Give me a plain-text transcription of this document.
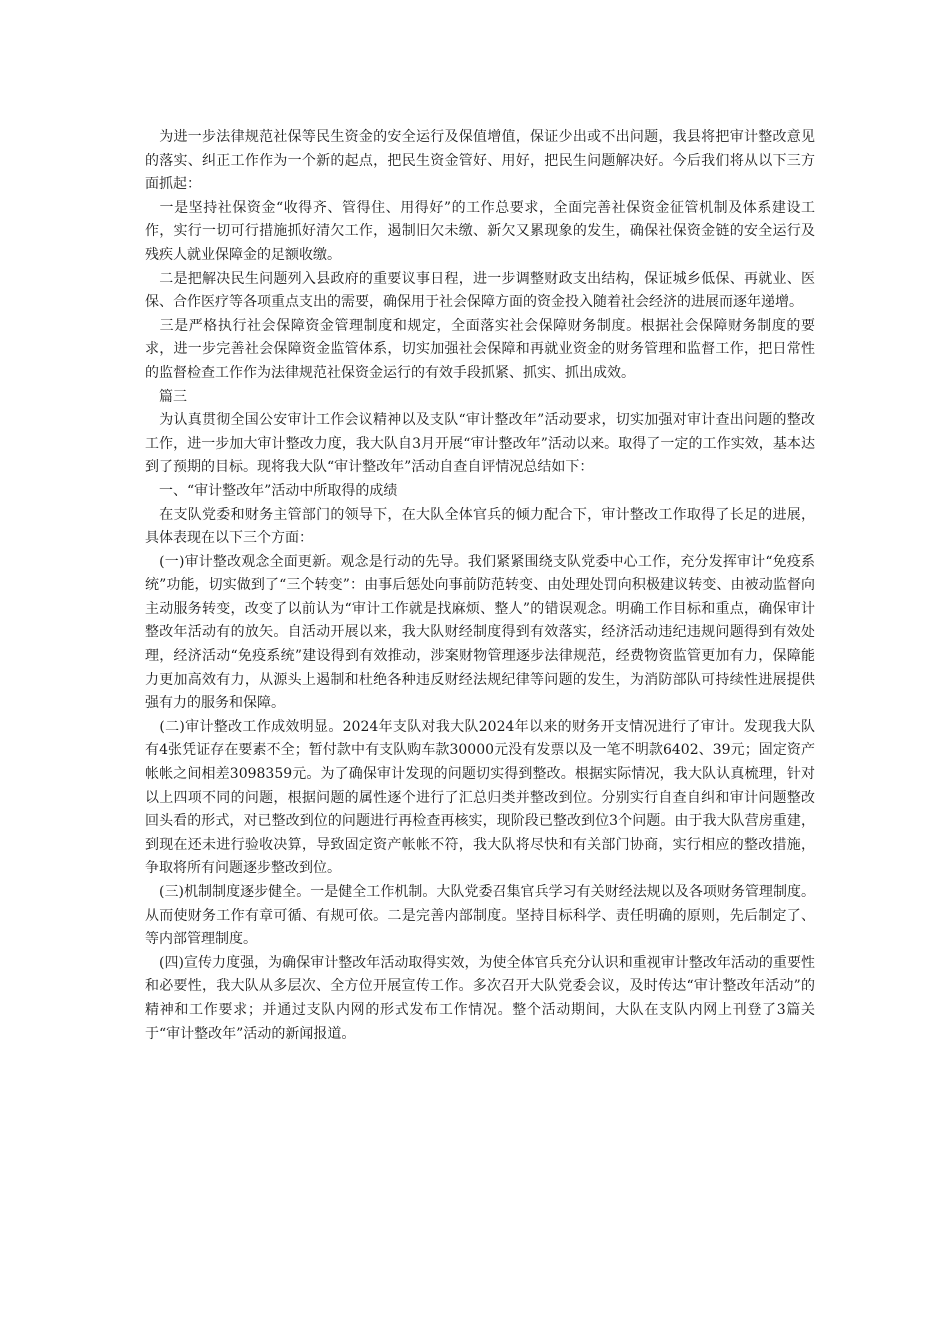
　为进一步法律规范社保等民生资金的安全运行及保值增值，保证少出或不出问题，我县将把审计整改意见的落实、纠正工作作为一个新的起点，把民生资金管好、用好，把民生问题解决好。今后我们将从以下三方面抓起：

　一是坚持社保资金“收得齐、管得住、用得好”的工作总要求，全面完善社保资金征管机制及体系建设工作，实行一切可行措施抓好清欠工作，遏制旧欠未缴、新欠又累现象的发生，确保社保资金链的安全运行及残疾人就业保障金的足额收缴。

　二是把解决民生问题列入县政府的重要议事日程，进一步调整财政支出结构，保证城乡低保、再就业、医保、合作医疗等各项重点支出的需要，确保用于社会保障方面的资金投入随着社会经济的进展而逐年递增。

　三是严格执行社会保障资金管理制度和规定，全面落实社会保障财务制度。根据社会保障财务制度的要求，进一步完善社会保障资金监管体系，切实加强社会保障和再就业资金的财务管理和监督工作，把日常性的监督检查工作作为法律规范社保资金运行的有效手段抓紧、抓实、抓出成效。

　篇三

　为认真贯彻全国公安审计工作会议精神以及支队“审计整改年”活动要求，切实加强对审计查出问题的整改工作，进一步加大审计整改力度，我大队自3月开展“审计整改年”活动以来。取得了一定的工作实效，基本达到了预期的目标。现将我大队“审计整改年”活动自查自评情况总结如下：

　一、“审计整改年”活动中所取得的成绩

　在支队党委和财务主管部门的领导下，在大队全体官兵的倾力配合下，审计整改工作取得了长足的进展，具体表现在以下三个方面：

　(一)审计整改观念全面更新。观念是行动的先导。我们紧紧围绕支队党委中心工作，充分发挥审计“免疫系统”功能，切实做到了“三个转变”：由事后惩处向事前防范转变、由处理处罚向积极建议转变、由被动监督向主动服务转变，改变了以前认为“审计工作就是找麻烦、整人”的错误观念。明确工作目标和重点，确保审计整改年活动有的放矢。自活动开展以来，我大队财经制度得到有效落实，经济活动违纪违规问题得到有效处理，经济活动“免疫系统”建设得到有效推动，涉案财物管理逐步法律规范，经费物资监管更加有力，保障能力更加高效有力，从源头上遏制和杜绝各种违反财经法规纪律等问题的发生，为消防部队可持续性进展提供强有力的服务和保障。

　(二)审计整改工作成效明显。2024年支队对我大队2024年以来的财务开支情况进行了审计。发现我大队有4张凭证存在要素不全；暂付款中有支队购车款30000元没有发票以及一笔不明款6402、39元；固定资产帐帐之间相差3098359元。为了确保审计发现的问题切实得到整改。根据实际情况，我大队认真梳理，针对以上四项不同的问题，根据问题的属性逐个进行了汇总归类并整改到位。分别实行自查自纠和审计问题整改回头看的形式，对已整改到位的问题进行再检查再核实，现阶段已整改到位3个问题。由于我大队营房重建，到现在还未进行验收决算，导致固定资产帐帐不符，我大队将尽快和有关部门协商，实行相应的整改措施，争取将所有问题逐步整改到位。

　(三)机制制度逐步健全。一是健全工作机制。大队党委召集官兵学习有关财经法规以及各项财务管理制度。从而使财务工作有章可循、有规可依。二是完善内部制度。坚持目标科学、责任明确的原则，先后制定了、等内部管理制度。

　(四)宣传力度强，为确保审计整改年活动取得实效，为使全体官兵充分认识和重视审计整改年活动的重要性和必要性，我大队从多层次、全方位开展宣传工作。多次召开大队党委会议，及时传达“审计整改年活动”的精神和工作要求；并通过支队内网的形式发布工作情况。整个活动期间，大队在支队内网上刊登了3篇关于“审计整改年”活动的新闻报道。
